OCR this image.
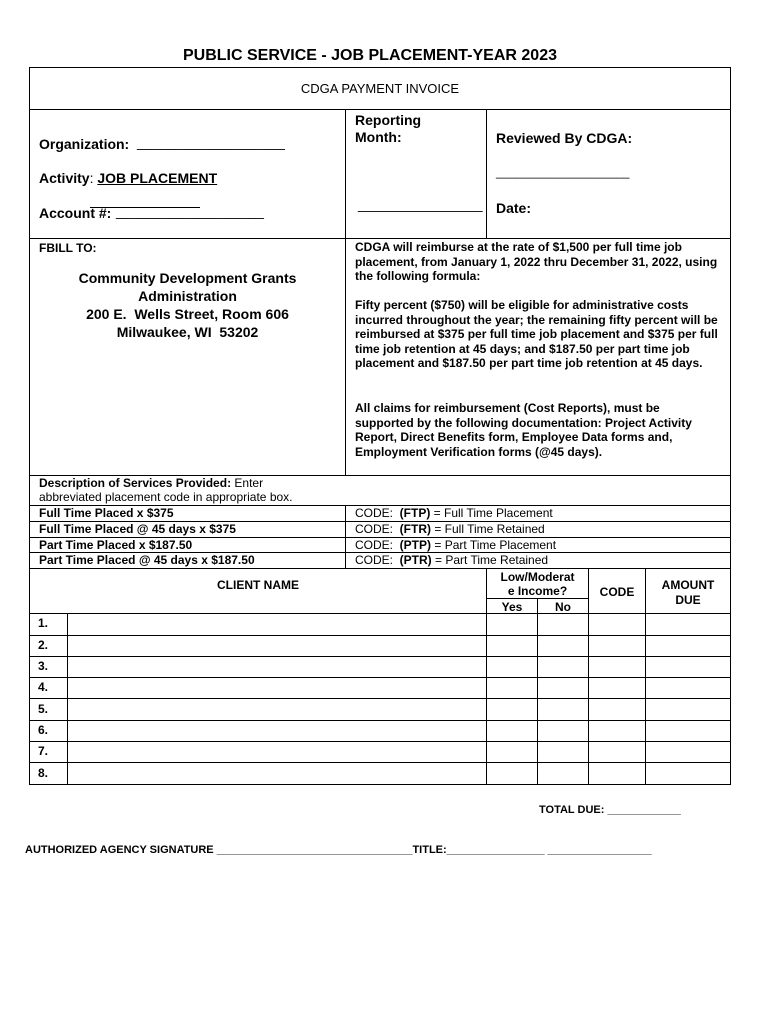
PUBLIC SERVICE - JOB PLACEMENT-YEAR 2023
CDGA PAYMENT INVOICE
Organization: ___________________
Activity: JOB PLACEMENT
Account #: ___________________
Reporting
Month:
________________
Reviewed By CDGA:
____________________
Date:
FBILL TO:
Community Development Grants
Administration
200 E.  Wells Street, Room 606
Milwaukee, WI  53202
CDGA will reimburse at the rate of $1,500 per full time job placement, from January 1, 2022 thru December 31, 2022, using the following formula:
Fifty percent ($750) will be eligible for administrative costs incurred throughout the year; the remaining fifty percent will be reimbursed at $375 per full time job placement and $375 per full time job retention at 45 days; and $187.50 per part time job placement and $187.50 per part time job retention at 45 days.
All claims for reimbursement (Cost Reports), must be supported by the following documentation: Project Activity Report, Direct Benefits form, Employee Data forms and, Employment Verification forms (@45 days).
Description of Services Provided: Enter
abbreviated placement code in appropriate box.
Full Time Placed x $375
Full Time Placed @ 45 days x $375
Part Time Placed x $187.50
Part Time Placed @ 45 days x $187.50
CODE:  (FTP) = Full Time Placement
CODE:  (FTR) = Full Time Retained
CODE:  (PTP) = Part Time Placement
CODE:  (PTR) = Part Time Retained
CLIENT NAME
Low/Moderat
e Income?
Yes	No
CODE	AMOUNT
DUE
1.
2.
3.
4.
5.
6.
7.
8.
TOTAL DUE: ____________
AUTHORIZED AGENCY SIGNATURE ________________________________TITLE:________________ _________________
